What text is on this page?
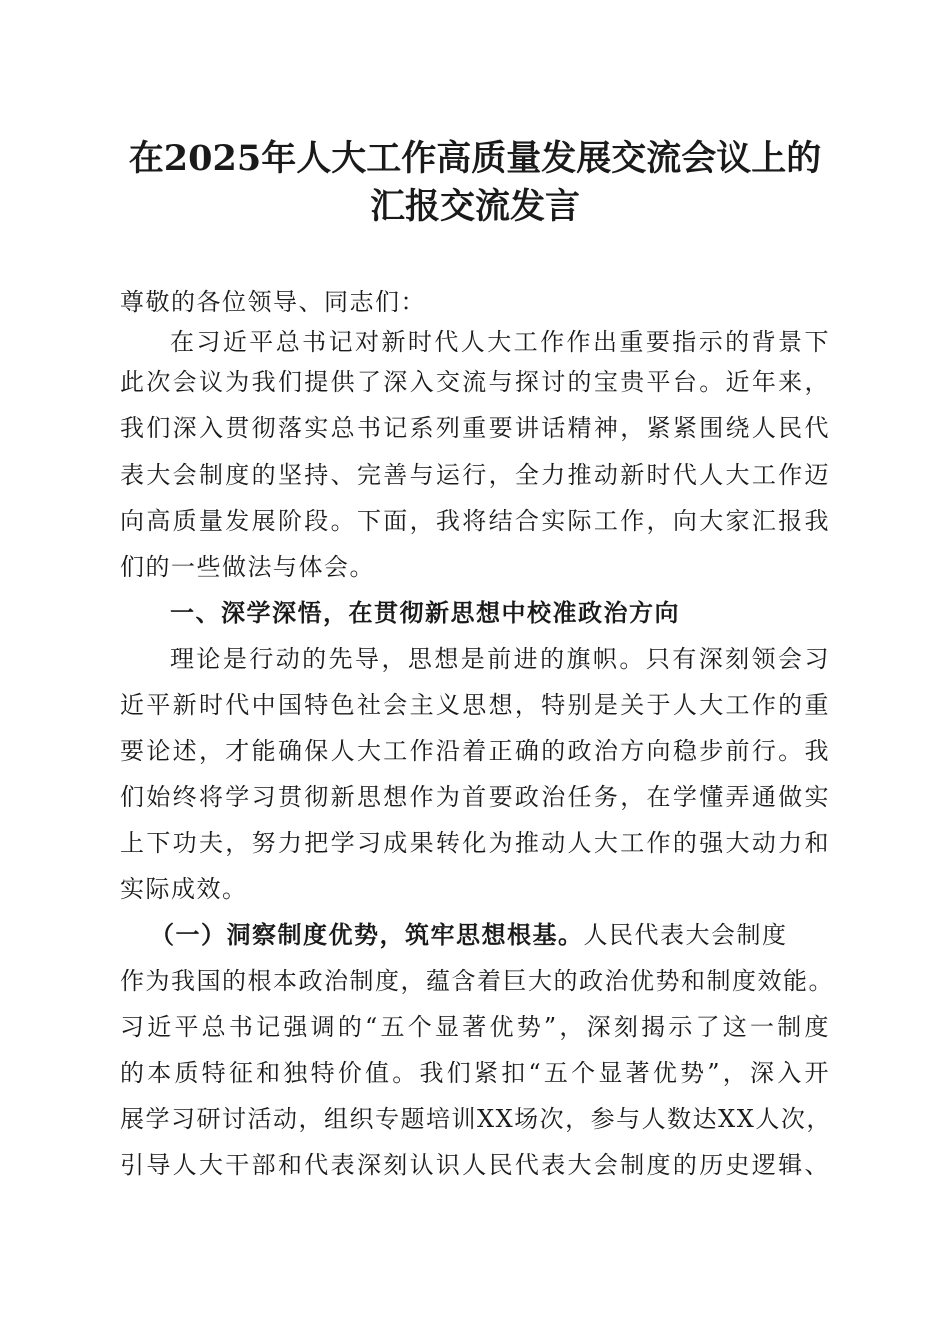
在2025年人大工作高质量发展交流会议上的
汇报交流发言
尊敬的各位领导、同志们：
在习近平总书记对新时代人大工作作出重要指示的背景下
此次会议为我们提供了深入交流与探讨的宝贵平台。近年来，
我们深入贯彻落实总书记系列重要讲话精神，紧紧围绕人民代
表大会制度的坚持、完善与运行，全力推动新时代人大工作迈
向高质量发展阶段。下面，我将结合实际工作，向大家汇报我
们的一些做法与体会。
一、深学深悟，在贯彻新思想中校准政治方向
理论是行动的先导，思想是前进的旗帜。只有深刻领会习
近平新时代中国特色社会主义思想，特别是关于人大工作的重
要论述，才能确保人大工作沿着正确的政治方向稳步前行。我
们始终将学习贯彻新思想作为首要政治任务，在学懂弄通做实
上下功夫，努力把学习成果转化为推动人大工作的强大动力和
实际成效。
（一）洞察制度优势，筑牢思想根基。人民代表大会制度
作为我国的根本政治制度，蕴含着巨大的政治优势和制度效能。
习近平总书记强调的“五个显著优势”，深刻揭示了这一制度
的本质特征和独特价值。我们紧扣“五个显著优势”，深入开
展学习研讨活动，组织专题培训XX场次，参与人数达XX人次，
引导人大干部和代表深刻认识人民代表大会制度的历史逻辑、
